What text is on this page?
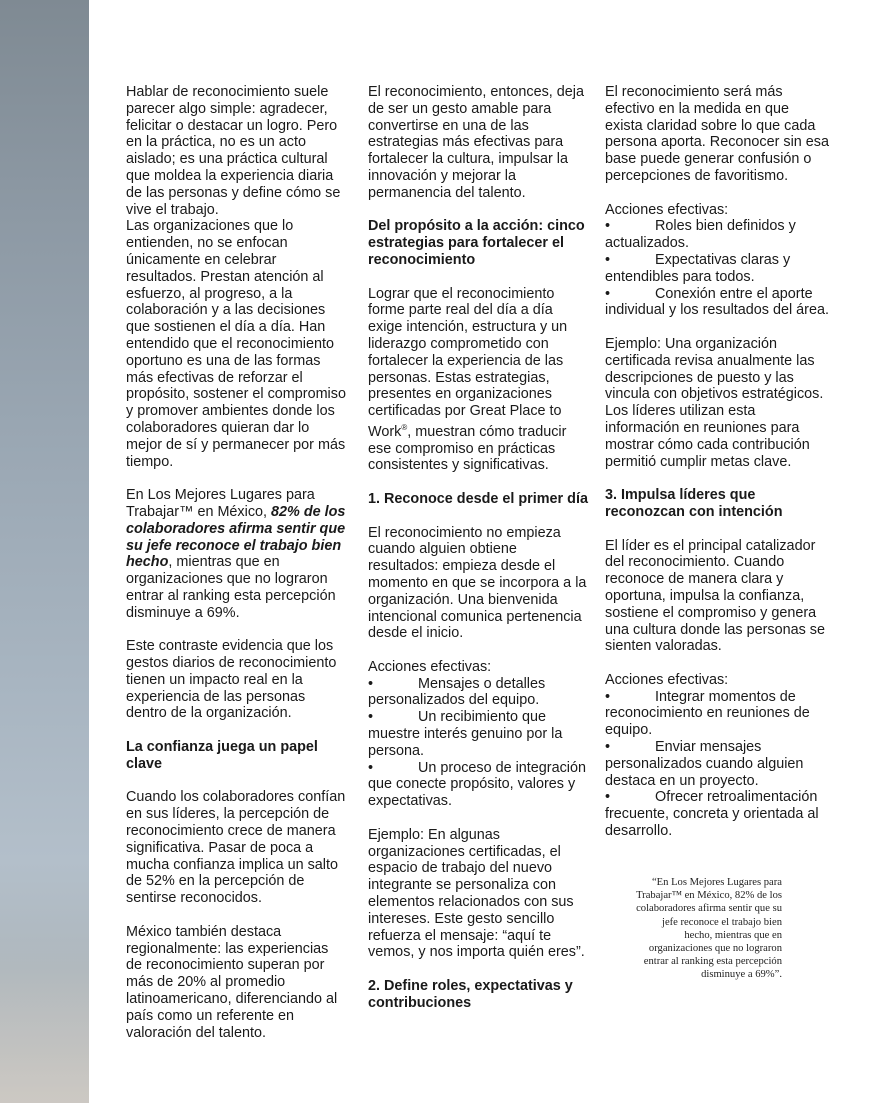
Hablar de reconocimiento suele parecer algo simple: agradecer, felicitar o destacar un logro. Pero en la práctica, no es un acto aislado; es una práctica cultural que moldea la experiencia diaria de las personas y define cómo se vive el trabajo.

Las organizaciones que lo entienden, no se enfocan únicamente en celebrar resultados. Prestan atención al esfuerzo, al progreso, a la colaboración y a las decisiones que sostienen el día a día. Han entendido que el reconocimiento oportuno es una de las formas más efectivas de reforzar el propósito, sostener el compromiso y promover ambientes donde los colaboradores quieran dar lo mejor de sí y permanecer por más tiempo.

En Los Mejores Lugares para Trabajar™ en México, 82% de los colaboradores afirma sentir que su jefe reconoce el trabajo bien hecho, mientras que en organizaciones que no lograron entrar al ranking esta percepción disminuye a 69%.

Este contraste evidencia que los gestos diarios de reconocimiento tienen un impacto real en la experiencia de las personas dentro de la organización.

La confianza juega un papel clave

Cuando los colaboradores confían en sus líderes, la percepción de reconocimiento crece de manera significativa. Pasar de poca a mucha confianza implica un salto de 52% en la percepción de sentirse reconocidos.

México también destaca regionalmente: las experiencias de reconocimiento superan por más de 20% al promedio latinoamericano, diferenciando al país como un referente en valoración del talento.

El reconocimiento, entonces, deja de ser un gesto amable para convertirse en una de las estrategias más efectivas para fortalecer la cultura, impulsar la innovación y mejorar la permanencia del talento.

Del propósito a la acción: cinco estrategias para fortalecer el reconocimiento

Lograr que el reconocimiento forme parte real del día a día exige intención, estructura y un liderazgo comprometido con fortalecer la experiencia de las personas. Estas estrategias, presentes en organizaciones certificadas por Great Place to Work®, muestran cómo traducir ese compromiso en prácticas consistentes y significativas.

1. Reconoce desde el primer día

El reconocimiento no empieza cuando alguien obtiene resultados: empieza desde el momento en que se incorpora a la organización. Una bienvenida intencional comunica pertenencia desde el inicio.

Acciones efectivas:

•	Mensajes o detalles personalizados del equipo.

•	Un recibimiento que muestre interés genuino por la persona.

•	Un proceso de integración que conecte propósito, valores y expectativas.

Ejemplo: En algunas organizaciones certificadas, el espacio de trabajo del nuevo integrante se personaliza con elementos relacionados con sus intereses. Este gesto sencillo refuerza el mensaje: “aquí te vemos, y nos importa quién eres”.

2. Define roles, expectativas y contribuciones

El reconocimiento será más efectivo en la medida en que exista claridad sobre lo que cada persona aporta. Reconocer sin esa base puede generar confusión o percepciones de favoritismo.

Acciones efectivas:

•	Roles bien definidos y actualizados.

•	Expectativas claras y entendibles para todos.

•	Conexión entre el aporte individual y los resultados del área.

Ejemplo: Una organización certificada revisa anualmente las descripciones de puesto y las vincula con objetivos estratégicos. Los líderes utilizan esta información en reuniones para mostrar cómo cada contribución permitió cumplir metas clave.

3. Impulsa líderes que reconozcan con intención

El líder es el principal catalizador del reconocimiento. Cuando reconoce de manera clara y oportuna, impulsa la confianza, sostiene el compromiso y genera una cultura donde las personas se sienten valoradas.

Acciones efectivas:

•	Integrar momentos de reconocimiento en reuniones de equipo.

•	Enviar mensajes personalizados cuando alguien destaca en un proyecto.

•	Ofrecer retroalimentación frecuente, concreta y orientada al desarrollo.

“En Los Mejores Lugares para Trabajar™ en México, 82% de los colaboradores afirma sentir que su jefe reconoce el trabajo bien hecho, mientras que en organizaciones que no lograron entrar al ranking esta percepción disminuye a 69%”.
